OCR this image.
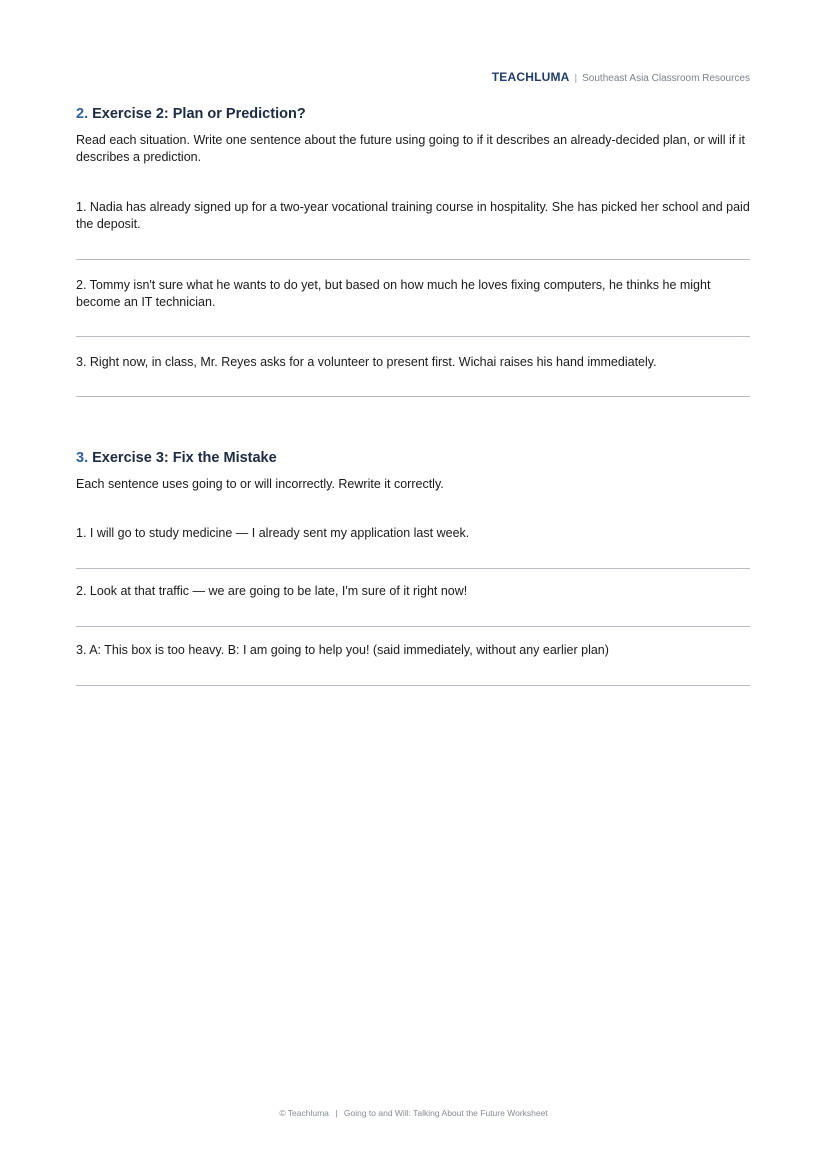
TEACHLUMA | Southeast Asia Classroom Resources
2. Exercise 2: Plan or Prediction?
Read each situation. Write one sentence about the future using going to if it describes an already-decided plan, or will if it describes a prediction.
1. Nadia has already signed up for a two-year vocational training course in hospitality. She has picked her school and paid the deposit.
2. Tommy isn't sure what he wants to do yet, but based on how much he loves fixing computers, he thinks he might become an IT technician.
3. Right now, in class, Mr. Reyes asks for a volunteer to present first. Wichai raises his hand immediately.
3. Exercise 3: Fix the Mistake
Each sentence uses going to or will incorrectly. Rewrite it correctly.
1. I will go to study medicine — I already sent my application last week.
2. Look at that traffic — we are going to be late, I'm sure of it right now!
3. A: This box is too heavy. B: I am going to help you! (said immediately, without any earlier plan)
© Teachluma | Going to and Will: Talking About the Future Worksheet
